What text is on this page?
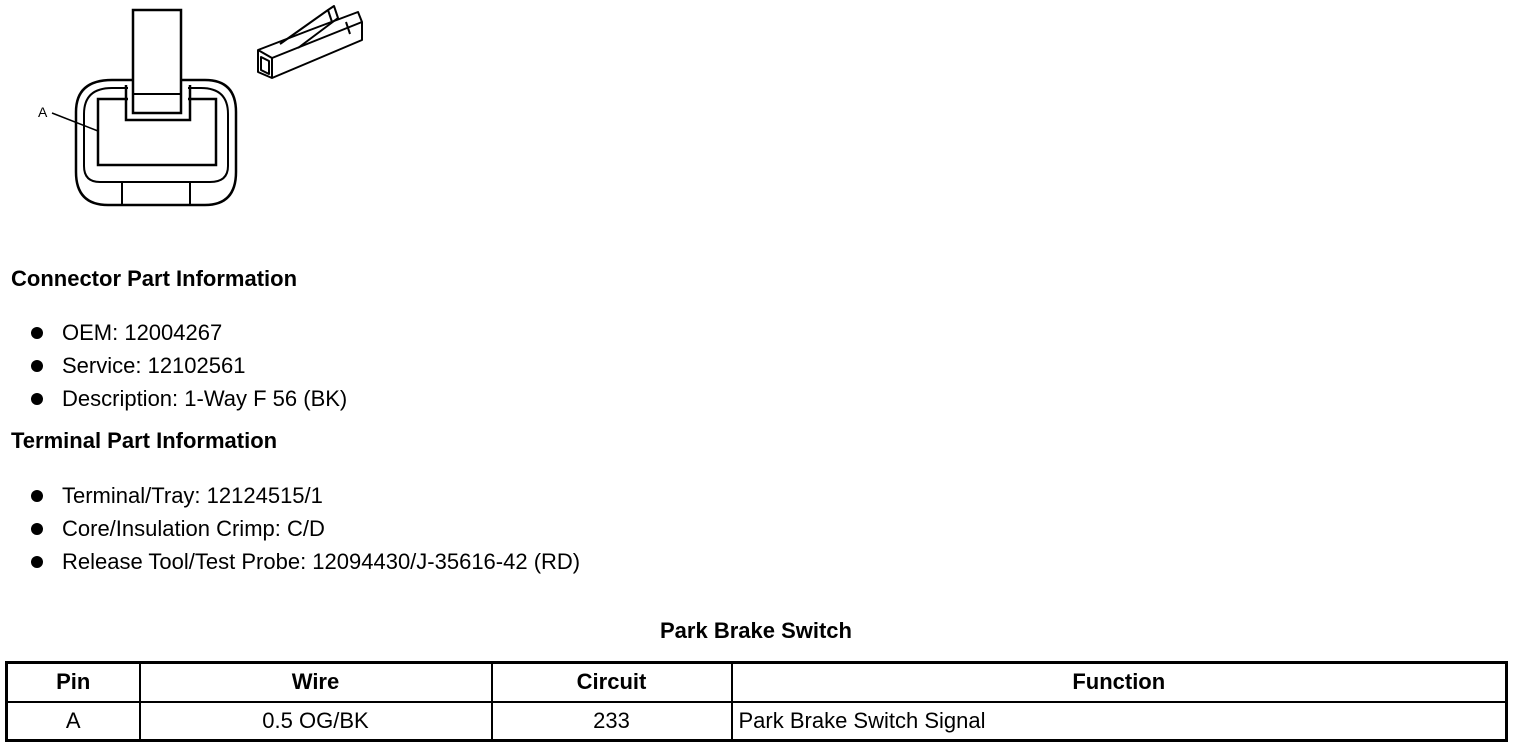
A
Connector Part Information
OEM: 12004267
Service: 12102561
Description: 1-Way F 56 (BK)
Terminal Part Information
Terminal/Tray: 12124515/1
Core/Insulation Crimp: C/D
Release Tool/Test Probe: 12094430/J-35616-42 (RD)
Park Brake Switch
Pin	Wire	Circuit	Function
A	0.5 OG/BK	233	Park Brake Switch Signal
